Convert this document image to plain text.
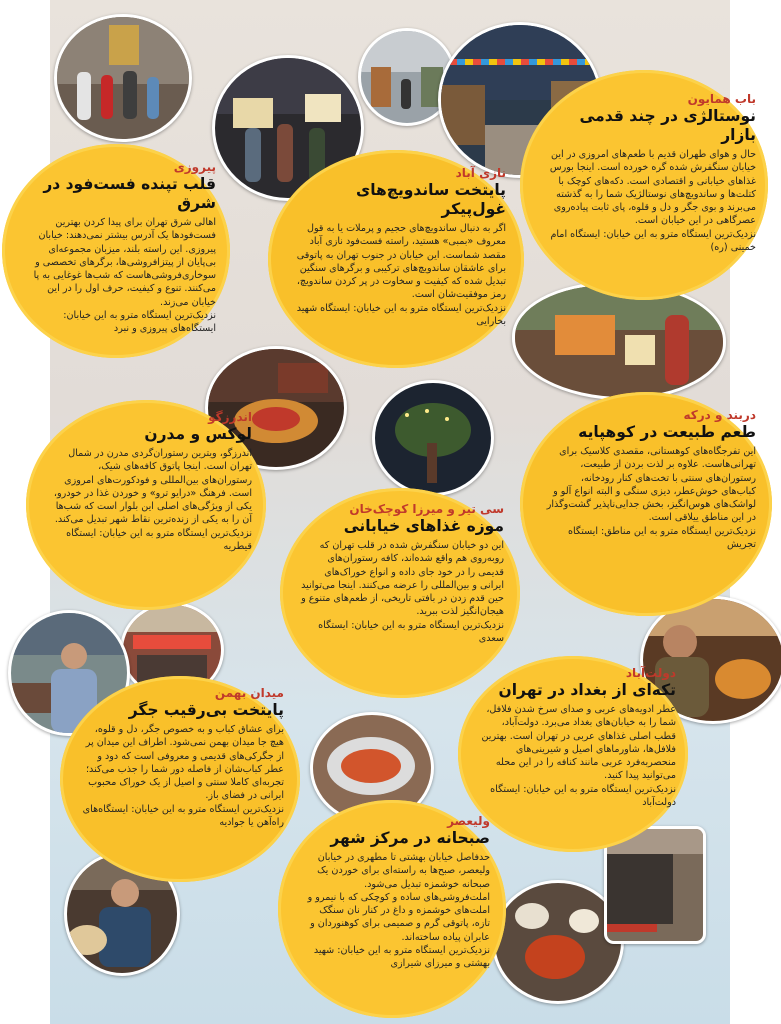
باب همایون
نوستالژی در چند قدمی بازار
حال و هوای طهران قدیم با طعم‌های امروزی در این خیابان سنگفرش شده گره خورده است. اینجا بورس غذاهای خیابانی و اقتصادی است. دکه‌های کوچک با کتلت‌ها و ساندویچ‌های نوستالژیک شما را به گذشته می‌برند و بوی جگر و دل و قلوه، پای ثابت پیاده‌روی عصرگاهی در این خیابان است.
نزدیک‌ترین ایستگاه مترو به این خیابان: ایستگاه امام خمینی (ره)
پیروزی
قلب تپنده فست‌فود در شرق
اهالی شرق تهران برای پیدا کردن بهترین فست‌فودها یک آدرس بیشتر نمی‌دهند: خیابان پیروزی. این راسته بلند، میزبان مجموعه‌ای بی‌پایان از پیتزافروشی‌ها، برگرهای تخصصی و سوخاری‌فروشی‌هاست که شب‌ها غوغایی به پا می‌کنند. تنوع و کیفیت، حرف اول را در این خیابان می‌زند.
نزدیک‌ترین ایستگاه مترو به این خیابان: ایستگاه‌های پیروزی و نبرد
نازی آباد
پایتخت ساندویچ‌های غول‌پیکر
اگر به دنبال ساندویچ‌های حجیم و پرملات یا به قول معروف «بمبی» هستید، راسته فست‌فود نازی آباد مقصد شماست. این خیابان در جنوب تهران به پاتوقی برای عاشقان ساندویچ‌های ترکیبی و برگرهای سنگین تبدیل شده که کیفیت و سخاوت در پر کردن ساندویچ، رمز موفقیت‌شان است.
نزدیک‌ترین ایستگاه مترو به این خیابان: ایستگاه شهید بخارایی
اندرزگو
لوکس و مدرن
اندرزگو، ویترین رستوران‌گردی مدرن در شمال تهران است. اینجا پاتوق کافه‌های شیک، رستوران‌های بین‌المللی و فودکورت‌های امروزی است. فرهنگ «درایو ترو» و خوردن غذا در خودرو، یکی از ویژگی‌های اصلی این بلوار است که شب‌ها آن را به یکی از زنده‌ترین نقاط شهر تبدیل می‌کند.
نزدیک‌ترین ایستگاه مترو به این خیابان: ایستگاه قیطریه
دربند و درکه
طعم طبیعت در کوهپایه
این تفرجگاه‌های کوهستانی، مقصدی کلاسیک برای تهرانی‌هاست. علاوه بر لذت بردن از طبیعت، رستوران‌های سنتی با تخت‌های کنار رودخانه، کباب‌های خوش‌عطر، دیزی سنگی و البته انواع آلو و لواشک‌های هوس‌انگیز، بخش جدایی‌ناپذیر گشت‌وگذار در این مناطق ییلاقی است.
نزدیک‌ترین ایستگاه مترو به این مناطق: ایستگاه تجریش
سی تیر و میرزا کوچک‌خان
موزه غذاهای خیابانی
این دو خیابان سنگفرش شده در قلب تهران که روبه‌روی هم واقع شده‌اند، کافه رستوران‌های قدیمی را در خود جای داده و انواع خوراک‌های ایرانی و بین‌المللی را عرضه می‌کنند. اینجا می‌توانید حین قدم زدن در بافتی تاریخی، از طعم‌های متنوع و هیجان‌انگیز لذت ببرید.
نزدیک‌ترین ایستگاه مترو به این خیابان: ایستگاه سعدی
دولت‌آباد
تکه‌ای از بغداد در تهران
عطر ادویه‌های عربی و صدای سرخ شدن فلافل، شما را به خیابان‌های بغداد می‌برد. دولت‌آباد، قطب اصلی غذاهای عربی در تهران است. بهترین فلافل‌ها، شاورماهای اصیل و شیرینی‌های منحصربه‌فرد عربی مانند کنافه را در این محله می‌توانید پیدا کنید.
نزدیک‌ترین ایستگاه مترو به این خیابان: ایستگاه دولت‌آباد
میدان بهمن
پایتخت بی‌رقیب جگر
برای عشاق کباب و به خصوص جگر، دل و قلوه، هیچ جا میدان بهمن نمی‌شود. اطراف این میدان پر از جگرکی‌های قدیمی و معروفی است که دود و عطر کباب‌شان از فاصله دور شما را جذب می‌کند؛ تجربه‌ای کاملا سنتی و اصیل از یک خوراک محبوب ایرانی در فضای باز.
نزدیک‌ترین ایستگاه مترو به این خیابان: ایستگاه‌های راه‌آهن یا جوادیه	ولیعصر
صبحانه در مرکز شهر
حدفاصل خیابان بهشتی تا مطهری در خیابان ولیعصر، صبح‌ها به راسته‌ای برای خوردن یک صبحانه خوشمزه تبدیل می‌شود. املت‌فروشی‌های ساده و کوچکی که با نیمرو و املت‌های خوشمزه و داغ در کنار نان سنگک تازه، پاتوقی گرم و صمیمی برای کوهنوردان و عابران پیاده ساخته‌اند.
نزدیک‌ترین ایستگاه مترو به این خیابان: شهید بهشتی و میرزای شیرازی
